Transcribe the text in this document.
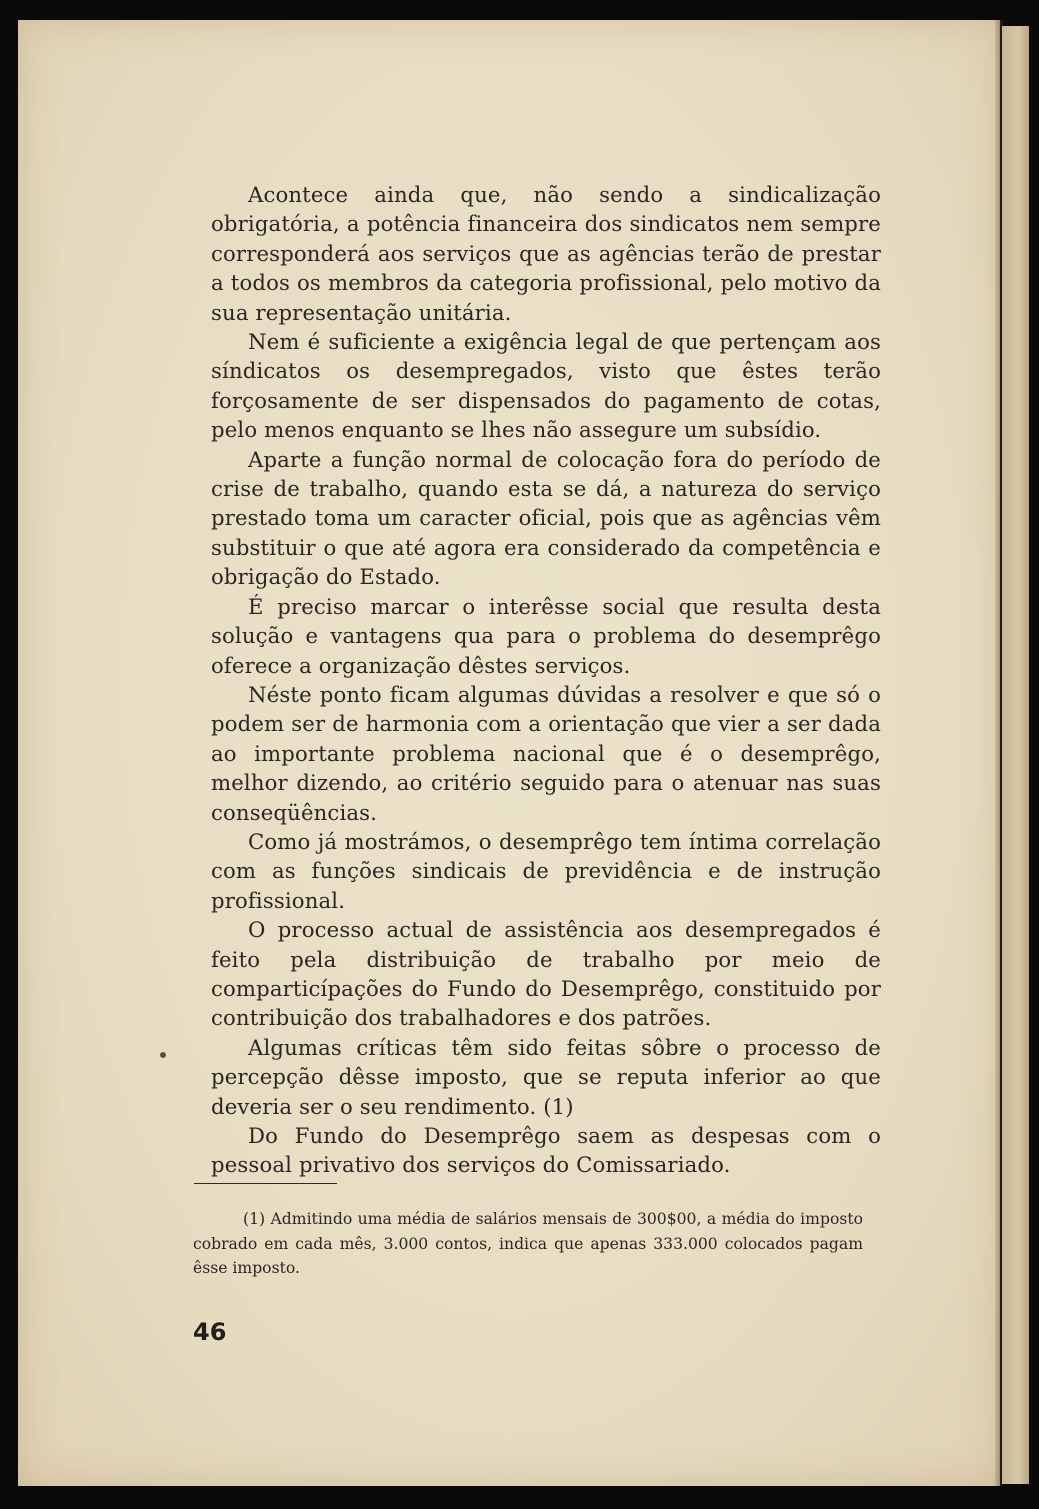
Acontece ainda que, não sendo a sindicalização obrigatória, a potência financeira dos sindicatos nem sempre corresponderá aos serviços que as agências terão de prestar a todos os membros da categoria profissional, pelo motivo da sua representação unitária.

Nem é suficiente a exigência legal de que pertençam aos síndicatos os desempregados, visto que êstes terão forçosamente de ser dispensados do pagamento de cotas, pelo menos enquanto se lhes não assegure um subsídio.

Aparte a função normal de colocação fora do período de crise de trabalho, quando esta se dá, a natureza do serviço prestado toma um caracter oficial, pois que as agências vêm substituir o que até agora era considerado da competência e obrigação do Estado.

É preciso marcar o interêsse social que resulta desta solução e vantagens qua para o problema do desemprêgo oferece a organização dêstes serviços.

Néste ponto ficam algumas dúvidas a resolver e que só o podem ser de harmonia com a orientação que vier a ser dada ao importante problema nacional que é o desemprêgo, melhor dizendo, ao critério seguido para o atenuar nas suas conseqüências.

Como já mostrámos, o desemprêgo tem íntima correlação com as funções sindicais de previdência e de instrução profissional.

O processo actual de assistência aos desempregados é feito pela distribuição de trabalho por meio de comparticípações do Fundo do Desemprêgo, constituido por contribuição dos trabalhadores e dos patrões.

Algumas críticas têm sido feitas sôbre o processo de percepção dêsse imposto, que se reputa inferior ao que deveria ser o seu rendimento. (1)

Do Fundo do Desemprêgo saem as despesas com o pessoal privativo dos serviços do Comissariado.

(1) Admitindo uma média de salários mensais de 300$00, a média do imposto cobrado em cada mês, 3.000 contos, indica que apenas 333.000 colocados pagam êsse imposto.

46
